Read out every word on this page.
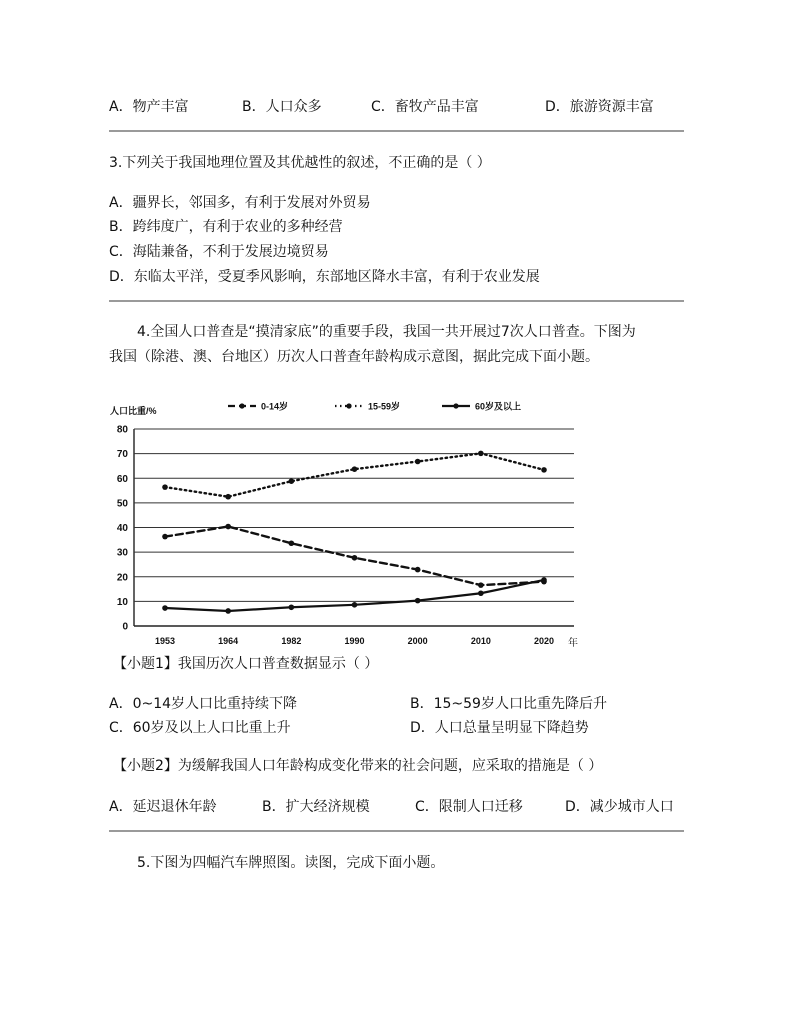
A．物产丰富	B．人口众多	C．畜牧产品丰富	D．旅游资源丰富
3.下列关于我国地理位置及其优越性的叙述，不正确的是（ ）
A．疆界长，邻国多，有利于发展对外贸易
B．跨纬度广，有利于农业的多种经营
C．海陆兼备，不利于发展边境贸易
D．东临太平洋，受夏季风影响，东部地区降水丰富，有利于农业发展
4.全国人口普查是“摸清家底”的重要手段，我国一共开展过7次人口普查。下图为
我国（除港、澳、台地区）历次人口普查年龄构成示意图，据此完成下面小题。
0
10
20
30
40
50
60
70
80
1953	1964	1982	1990	2000	2010	2020
0-14岁	15-59岁	60岁及以上
人口比重/%
年
【小题1】我国历次人口普查数据显示（ ）
A．0~14岁人口比重持续下降	B．15~59岁人口比重先降后升
C．60岁及以上人口比重上升	D．人口总量呈明显下降趋势
【小题2】为缓解我国人口年龄构成变化带来的社会问题，应采取的措施是（ ）
A．延迟退休年龄	B．扩大经济规模	C．限制人口迁移	D．减少城市人口
5.下图为四幅汽车牌照图。读图，完成下面小题。
